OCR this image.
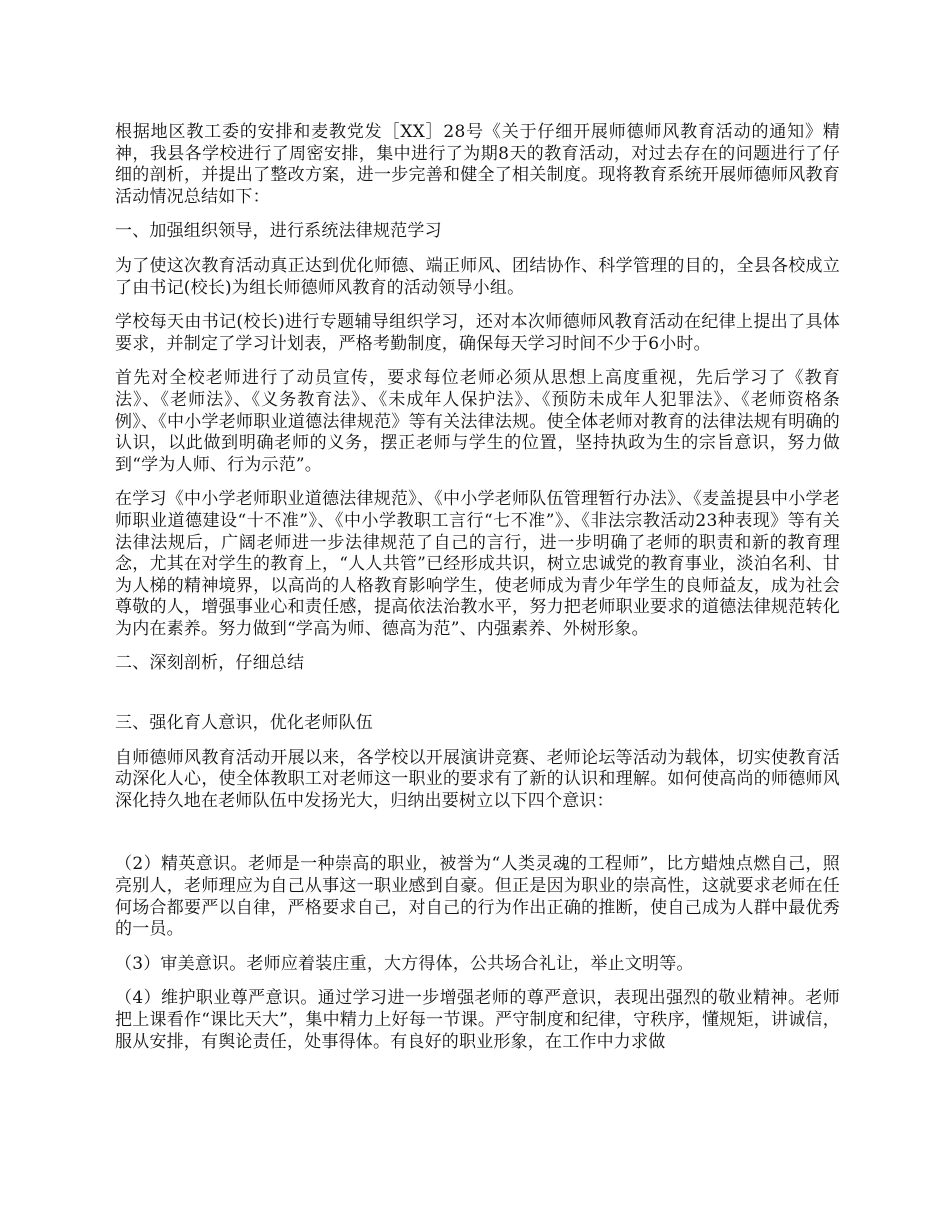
根据地区教工委的安排和麦教党发［XX］28号《关于仔细开展师德师风教育活动的通知》精神，我县各学校进行了周密安排，集中进行了为期8天的教育活动，对过去存在的问题进行了仔细的剖析，并提出了整改方案，进一步完善和健全了相关制度。现将教育系统开展师德师风教育活动情况总结如下：

一、加强组织领导，进行系统法律规范学习

为了使这次教育活动真正达到优化师德、端正师风、团结协作、科学管理的目的，全县各校成立了由书记(校长)为组长师德师风教育的活动领导小组。

学校每天由书记(校长)进行专题辅导组织学习，还对本次师德师风教育活动在纪律上提出了具体要求，并制定了学习计划表，严格考勤制度，确保每天学习时间不少于6小时。

首先对全校老师进行了动员宣传，要求每位老师必须从思想上高度重视，先后学习了《教育法》、《老师法》、《义务教育法》、《未成年人保护法》、《预防未成年人犯罪法》、《老师资格条例》、《中小学老师职业道德法律规范》等有关法律法规。使全体老师对教育的法律法规有明确的认识，以此做到明确老师的义务，摆正老师与学生的位置，坚持执政为生的宗旨意识，努力做到“学为人师、行为示范”。

在学习《中小学老师职业道德法律规范》、《中小学老师队伍管理暂行办法》、《麦盖提县中小学老师职业道德建设“十不准”》、《中小学教职工言行“七不准”》、《非法宗教活动23种表现》等有关法律法规后，广阔老师进一步法律规范了自己的言行，进一步明确了老师的职责和新的教育理念，尤其在对学生的教育上，“人人共管”已经形成共识，树立忠诚党的教育事业，淡泊名利、甘为人梯的精神境界，以高尚的人格教育影响学生，使老师成为青少年学生的良师益友，成为社会尊敬的人，增强事业心和责任感，提高依法治教水平，努力把老师职业要求的道德法律规范转化为内在素养。努力做到“学高为师、德高为范”、内强素养、外树形象。

二、深刻剖析，仔细总结

三、强化育人意识，优化老师队伍

自师德师风教育活动开展以来，各学校以开展演讲竞赛、老师论坛等活动为载体，切实使教育活动深化人心，使全体教职工对老师这一职业的要求有了新的认识和理解。如何使高尚的师德师风深化持久地在老师队伍中发扬光大，归纳出要树立以下四个意识：

（2）精英意识。老师是一种崇高的职业，被誉为“人类灵魂的工程师”，比方蜡烛点燃自己，照亮别人，老师理应为自己从事这一职业感到自豪。但正是因为职业的崇高性，这就要求老师在任何场合都要严以自律，严格要求自己，对自己的行为作出正确的推断，使自己成为人群中最优秀的一员。

（3）审美意识。老师应着装庄重，大方得体，公共场合礼让，举止文明等。

（4）维护职业尊严意识。通过学习进一步增强老师的尊严意识，表现出强烈的敬业精神。老师把上课看作“课比天大”，集中精力上好每一节课。严守制度和纪律，守秩序，懂规矩，讲诚信，服从安排，有舆论责任，处事得体。有良好的职业形象，在工作中力求做
